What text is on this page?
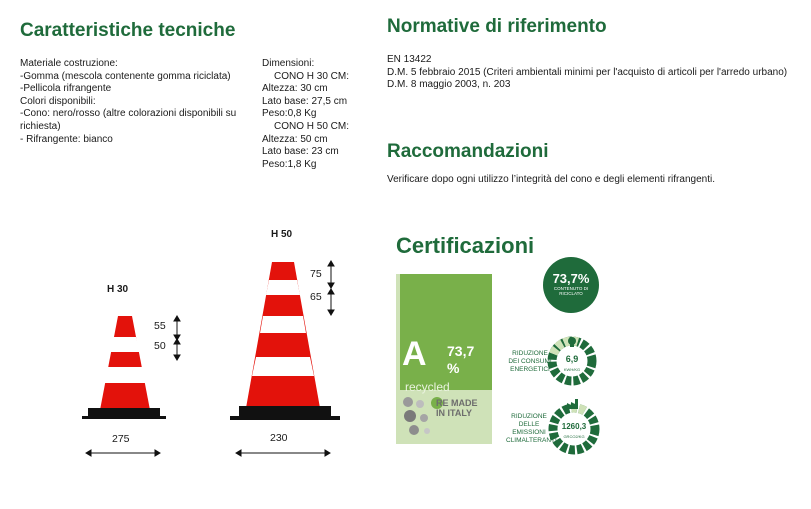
Caratteristiche tecniche
Materiale costruzione:
-Gomma (mescola contenente gomma riciclata)
-Pellicola rifrangente
Colori disponibili:
-Cono: nero/rosso (altre colorazioni disponibili su richiesta)
- Rifrangente: bianco
Dimensioni:
CONO H 30 CM:
Altezza: 30 cm
Lato base: 27,5 cm
Peso:0,8 Kg
CONO H 50 CM:
Altezza: 50 cm
Lato base: 23 cm
Peso:1,8 Kg
Normative di riferimento
EN 13422
D.M. 5 febbraio 2015 (Criteri ambientali minimi per l'acquisto di articoli per l'arredo urbano)
D.M. 8 maggio 2003, n. 203
Raccomandazioni
Verificare dopo ogni utilizzo l’integrità del cono e degli elementi rifrangenti.
H 30
H 50
55
50
275
75
65
230
Certificazioni
A 73,7 %
recycled
RE MADE
IN ITALY
73,7%
CONTENUTO DI RICICLATO
RIDUZIONE DEI CONSUMI ENERGETICI
6,9
KWH/KG
RIDUZIONE DELLE EMISSIONI CLIMALTERANTI
1260,3
GRCO2/KG
